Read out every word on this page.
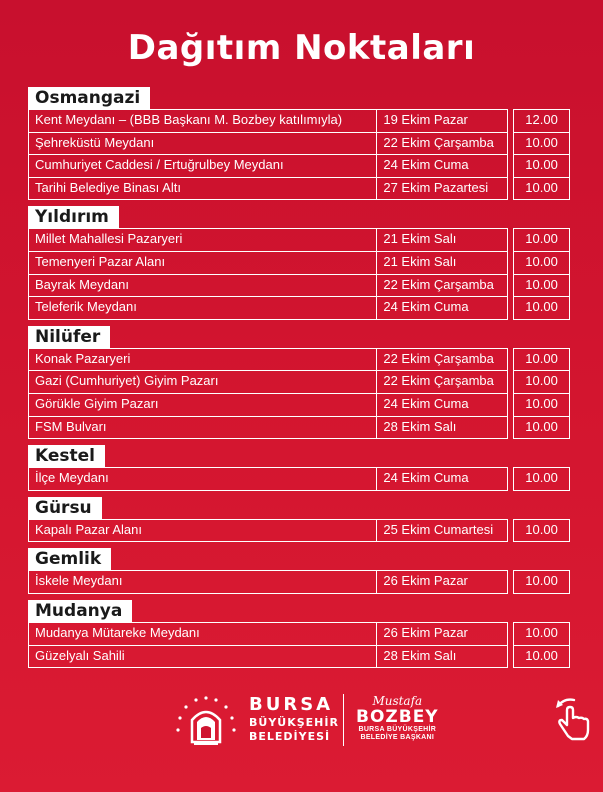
Dağıtım Noktaları
Osmangazi
Kent Meydanı – (BBB Başkanı M. Bozbey katılımıyla)	19 Ekim Pazar	12.00
Şehreküstü Meydanı	22 Ekim Çarşamba	10.00
Cumhuriyet Caddesi / Ertuğrulbey Meydanı	24 Ekim Cuma	10.00
Tarihi Belediye Binası Altı	27 Ekim Pazartesi	10.00
Yıldırım
Millet Mahallesi Pazaryeri	21 Ekim Salı	10.00
Temenyeri Pazar Alanı	21 Ekim Salı	10.00
Bayrak Meydanı	22 Ekim Çarşamba	10.00
Teleferik Meydanı	24 Ekim Cuma	10.00
Nilüfer
Konak Pazaryeri	22 Ekim Çarşamba	10.00
Gazi (Cumhuriyet) Giyim Pazarı	22 Ekim Çarşamba	10.00
Görükle Giyim Pazarı	24 Ekim Cuma	10.00
FSM Bulvarı	28 Ekim Salı	10.00
Kestel
İlçe Meydanı	24 Ekim Cuma	10.00
Gürsu
Kapalı Pazar Alanı	25 Ekim Cumartesi	10.00
Gemlik
İskele Meydanı	26 Ekim Pazar	10.00
Mudanya
Mudanya Mütareke Meydanı	26 Ekim Pazar	10.00
Güzelyalı Sahili	28 Ekim Salı	10.00
BURSA
BÜYÜKŞEHİR
BELEDİYESİ
Mustafa
BOZBEY
BURSA BÜYÜKŞEHİR
BELEDİYE BAŞKANI
